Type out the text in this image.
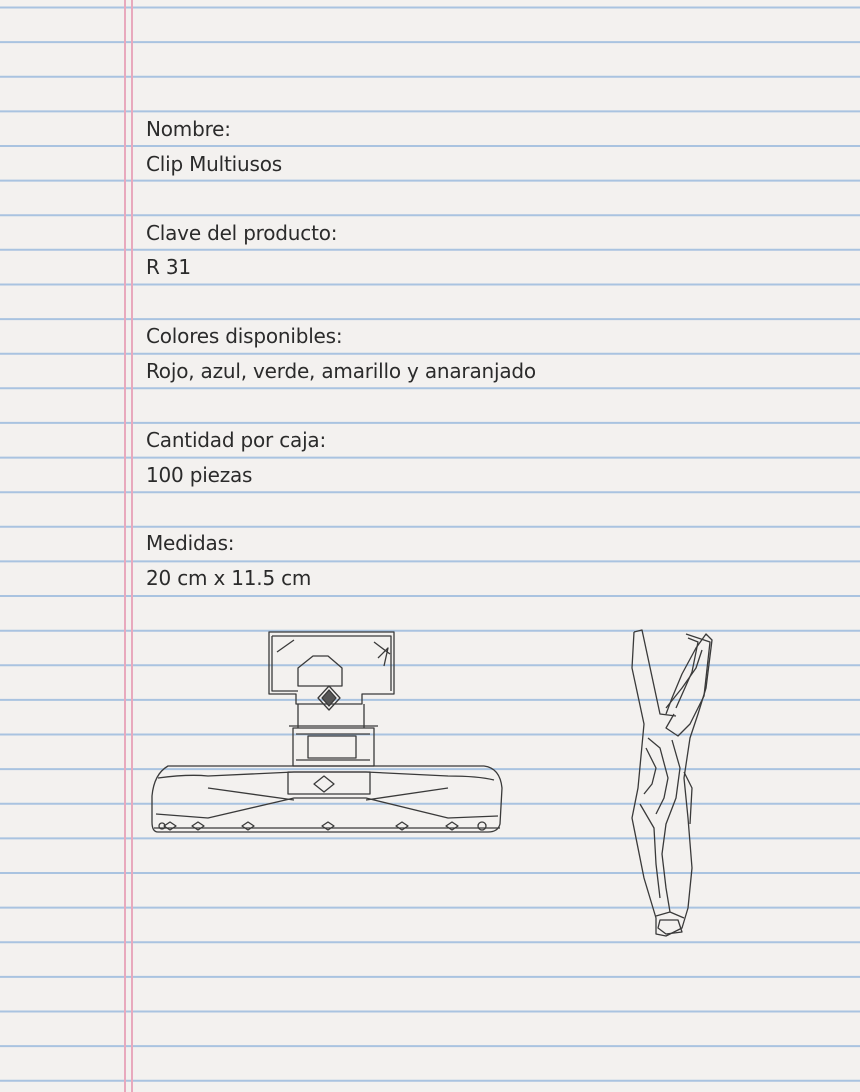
Nombre:
Clip Multiusos
Clave del producto:
R 31
Colores disponibles:
Rojo, azul, verde, amarillo y anaranjado
Cantidad por caja:
100 piezas
Medidas:
20 cm x 11.5 cm
